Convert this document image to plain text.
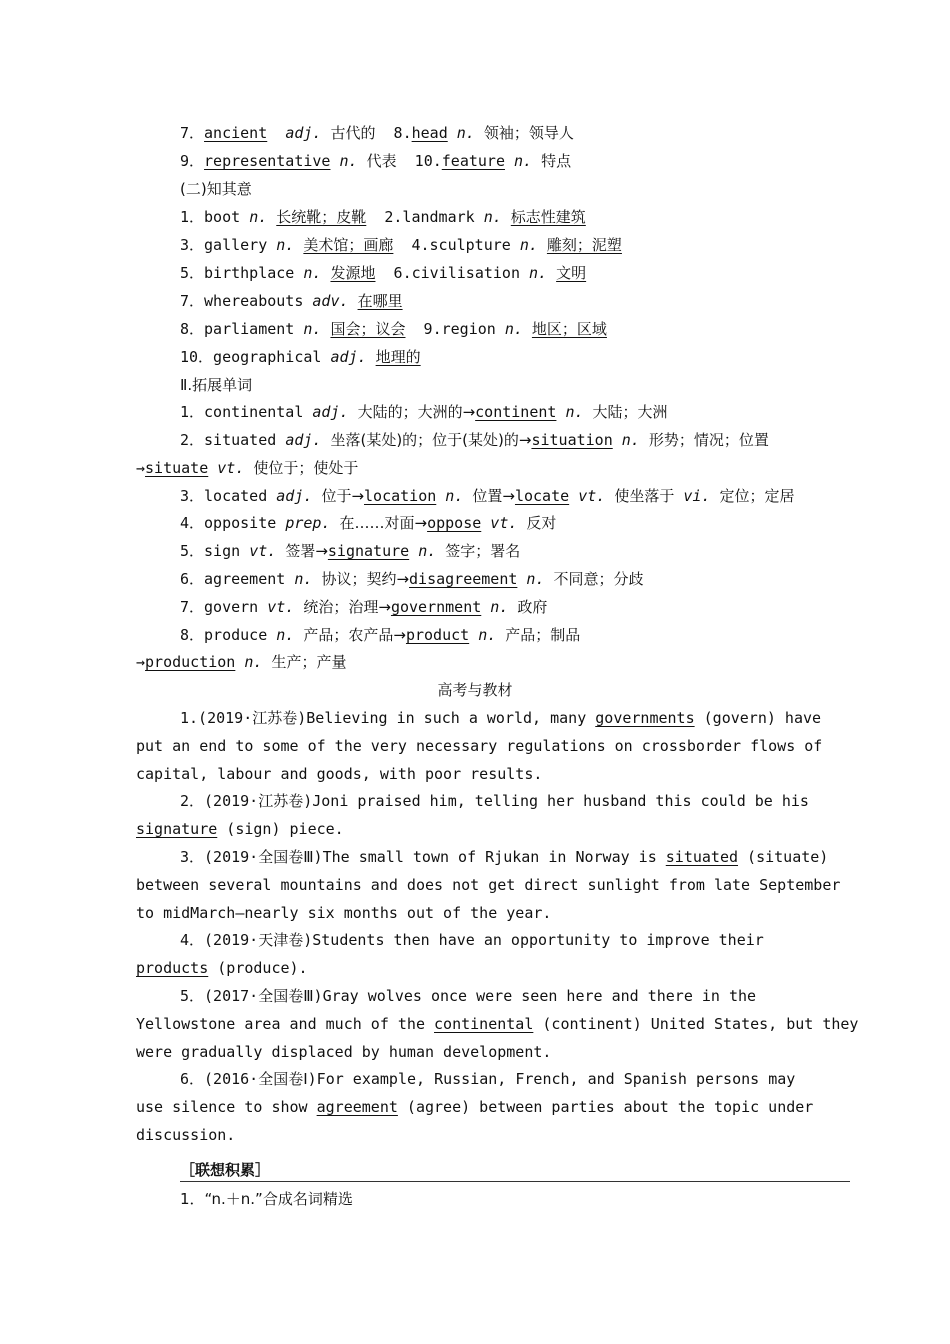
7．ancient adj. 古代的 8.head n. 领袖；领导人
9．representative n. 代表 10.feature n. 特点
(二)知其意
1．boot n. 长统靴；皮靴 2.landmark n. 标志性建筑
3．gallery n. 美术馆；画廊 4.sculpture n. 雕刻；泥塑
5．birthplace n. 发源地 6.civilisation n. 文明
7．whereabouts adv. 在哪里
8．parliament n. 国会；议会 9.region n. 地区；区域
10．geographical adj. 地理的
Ⅱ.拓展单词
1．continental adj. 大陆的；大洲的→continent n. 大陆；大洲
2．situated adj. 坐落(某处)的；位于(某处)的→situation n. 形势；情况；位置
→situate vt. 使位于；使处于
3．located adj. 位于→location n. 位置→locate vt. 使坐落于 vi. 定位；定居
4．opposite prep. 在……对面→oppose vt. 反对
5．sign vt. 签署→signature n. 签字；署名
6．agreement n. 协议；契约→disagreement n. 不同意；分歧
7．govern vt. 统治；治理→government n. 政府
8．produce n. 产品；农产品→product n. 产品；制品
→production n. 生产；产量
高考与教材
1.(2019·江苏卷)Believing in such a world, many governments (govern) have
put an end to some of the very necessary regulations on crossborder flows of
capital, labour and goods, with poor results.
2．(2019·江苏卷)Joni praised him, telling her husband this could be his
signature (sign) piece.
3．(2019·全国卷Ⅲ)The small town of Rjukan in Norway is situated (situate)
between several mountains and does not get direct sunlight from late September
to midMarch—nearly six months out of the year.
4．(2019·天津卷)Students then have an opportunity to improve their
products (produce).
5．(2017·全国卷Ⅲ)Gray wolves once were seen here and there in the
Yellowstone area and much of the continental (continent) United States, but they
were gradually displaced by human development.
6．(2016·全国卷Ⅰ)For example, Russian, French, and Spanish persons may
use silence to show agreement (agree) between parties about the topic under
discussion.
［联想积累］
1．“n.＋n.”合成名词精选
